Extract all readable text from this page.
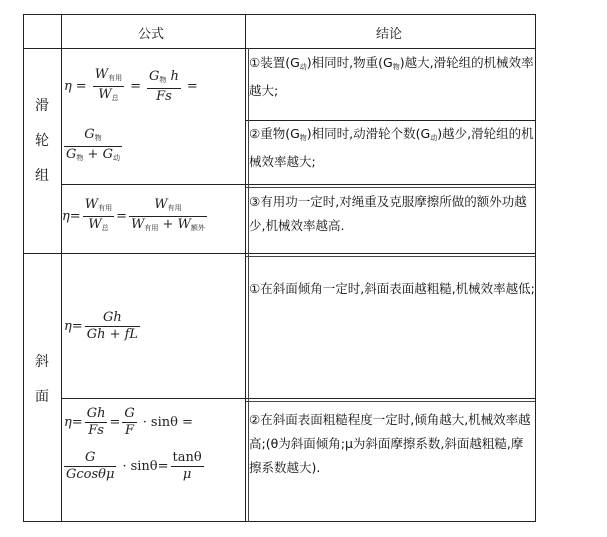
公式	结论
滑
轮
组
斜
面
$\eta = \frac{W_{有用}}{W_总} = \frac{G_物 h}{Fs}$ =
$\frac{G_物}{G_物 + G_动}$
$\eta= \frac{W_{有用}}{W_总} = \frac{W_{有用}}{W_{有用} + W_{额外}}$
$\eta= \frac{Gh}{Gh + fL}$
$\eta= \frac{Gh}{Fs} = \frac{G}{F} \cdot \sin\theta$ =
$\frac{G}{Gcos\theta\mu} \cdot \sin\theta= \frac{\tan\theta}{\mu}$
①装置$(G_动)$相同时,物重$(G_物)$越大,滑轮组的机械效率越大;
②重物$(G_物)$相同时,动滑轮个数$(G_动)$越少,滑轮组的机械效率越大;
③有用功一定时,对绳重及克服摩擦所做的额外功越少,机械效率越高.
①在斜面倾角一定时,斜面表面越粗糙,机械效率越低;
②在斜面表面粗糙程度一定时,倾角越大,机械效率越高;(θ为斜面倾角;μ为斜面摩擦系数,斜面越粗糙,摩擦系数越大).
